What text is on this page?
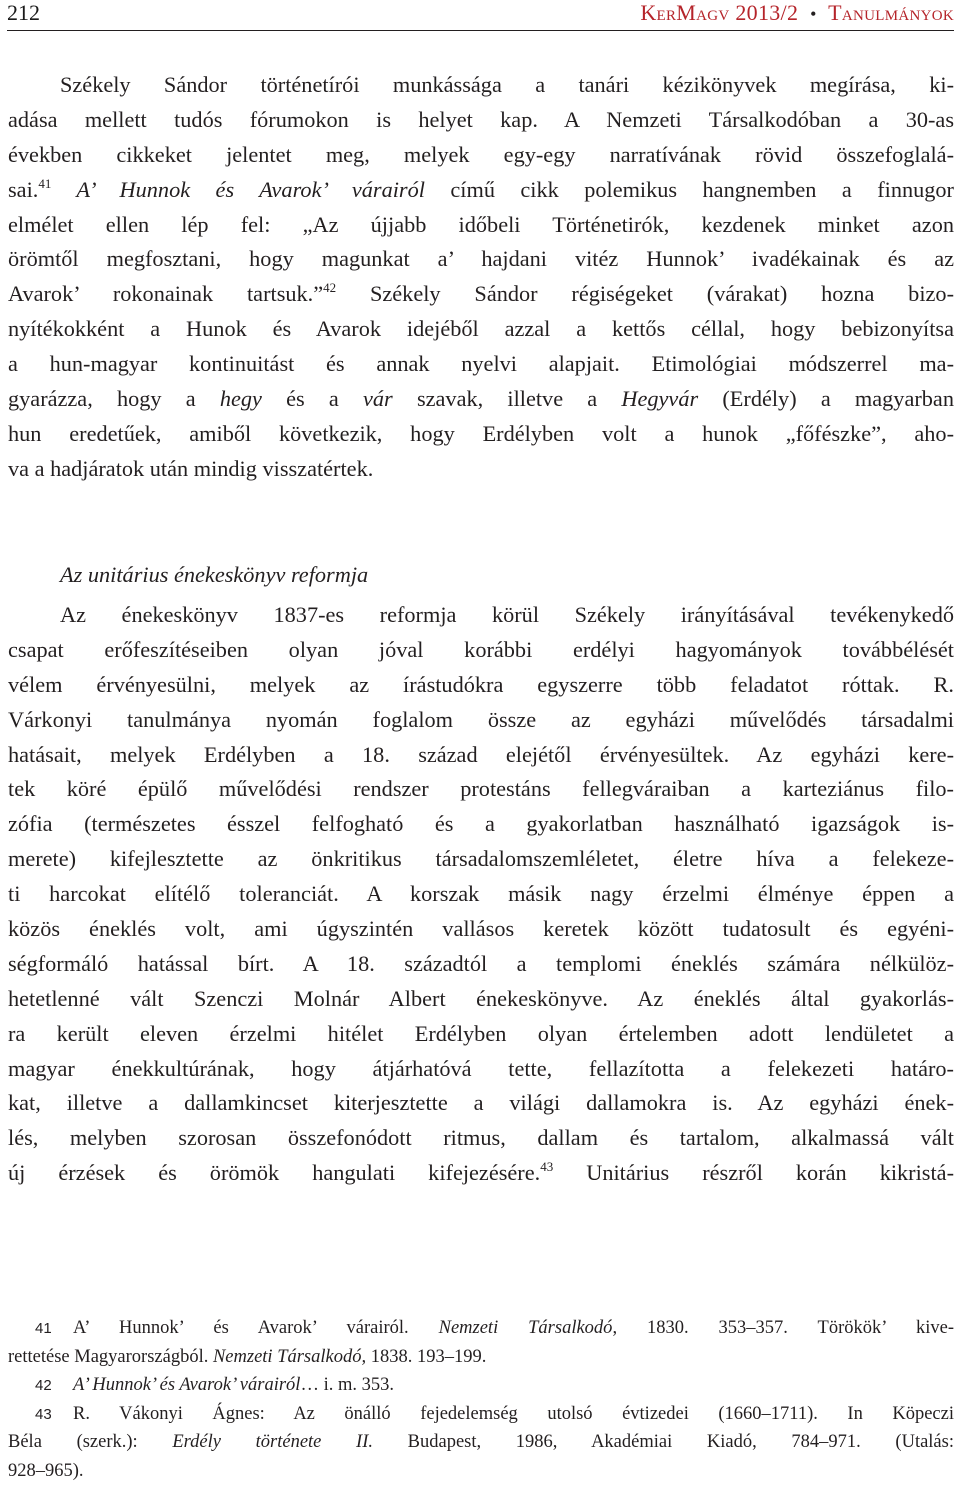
212	KerMagv 2013/2 • Tanulmányok
Székely Sándor történetírói munkássága a tanári kézikönyvek megírása, ki-
adása mellett tudós fórumokon is helyet kap. A Nemzeti Társalkodóban a 30-as
években cikkeket jelentet meg, melyek egy-egy narratívának rövid összefoglalá-
sai.$^{41}$ A’ Hunnok és Avarok’ várairól című cikk polemikus hangnemben a finnugor
elmélet ellen lép fel: „Az újjabb időbeli Történetirók, kezdenek minket azon
örömtől megfosztani, hogy magunkat a’ hajdani vitéz Hunnok’ ivadékainak és az
Avarok’ rokonainak tartsuk.”$^{42}$ Székely Sándor régiségeket (várakat) hozna bizo-
nyítékokként a Hunok és Avarok idejéből azzal a kettős céllal, hogy bebizonyítsa
a hun-magyar kontinuitást és annak nyelvi alapjait. Etimológiai módszerrel ma-
gyarázza, hogy a hegy és a vár szavak, illetve a Hegyvár (Erdély) a magyarban
hun eredetűek, amiből következik, hogy Erdélyben volt a hunok „főfészke”, aho-
va a hadjáratok után mindig visszatértek.
Az unitárius énekeskönyv reformja
Az énekeskönyv 1837-es reformja körül Székely irányításával tevékenykedő
csapat erőfeszítéseiben olyan jóval korábbi erdélyi hagyományok továbbélését
vélem érvényesülni, melyek az írástudókra egyszerre több feladatot róttak. R.
Várkonyi tanulmánya nyomán foglalom össze az egyházi művelődés társadalmi
hatásait, melyek Erdélyben a 18. század elejétől érvényesültek. Az egyházi kere-
tek köré épülő művelődési rendszer protestáns fellegváraiban a karteziánus filo-
zófia (természetes ésszel felfogható és a gyakorlatban használható igazságok is-
merete) kifejlesztette az önkritikus társadalomszemléletet, életre híva a felekeze-
ti harcokat elítélő toleranciát. A korszak másik nagy érzelmi élménye éppen a
közös éneklés volt, ami úgyszintén vallásos keretek között tudatosult és egyéni-
ségformáló hatással bírt. A 18. századtól a templomi éneklés számára nélkülöz-
hetetlenné vált Szenczi Molnár Albert énekeskönyve. Az éneklés által gyakorlás-
ra került eleven érzelmi hitélet Erdélyben olyan értelemben adott lendületet a
magyar énekkultúrának, hogy átjárhatóvá tette, fellazította a felekezeti határo-
kat, illetve a dallamkincset kiterjesztette a világi dallamokra is. Az egyházi ének-
lés, melyben szorosan összefonódott ritmus, dallam és tartalom, alkalmassá vált
új érzések és örömök hangulati kifejezésére.$^{43}$ Unitárius részről korán kikristá-
41 A’ Hunnok’ és Avarok’ várairól. Nemzeti Társalkodó, 1830. 353–357. Törökök’ kive-
rettetése Magyarországból. Nemzeti Társalkodó, 1838. 193–199.
42 A’ Hunnok’ és Avarok’ várairól… i. m. 353.
43 R. Vákonyi Ágnes: Az önálló fejedelemség utolsó évtizedei (1660–1711). In Köpeczi
Béla (szerk.): Erdély története II. Budapest, 1986, Akadémiai Kiadó, 784–971. (Utalás:
928–965).
